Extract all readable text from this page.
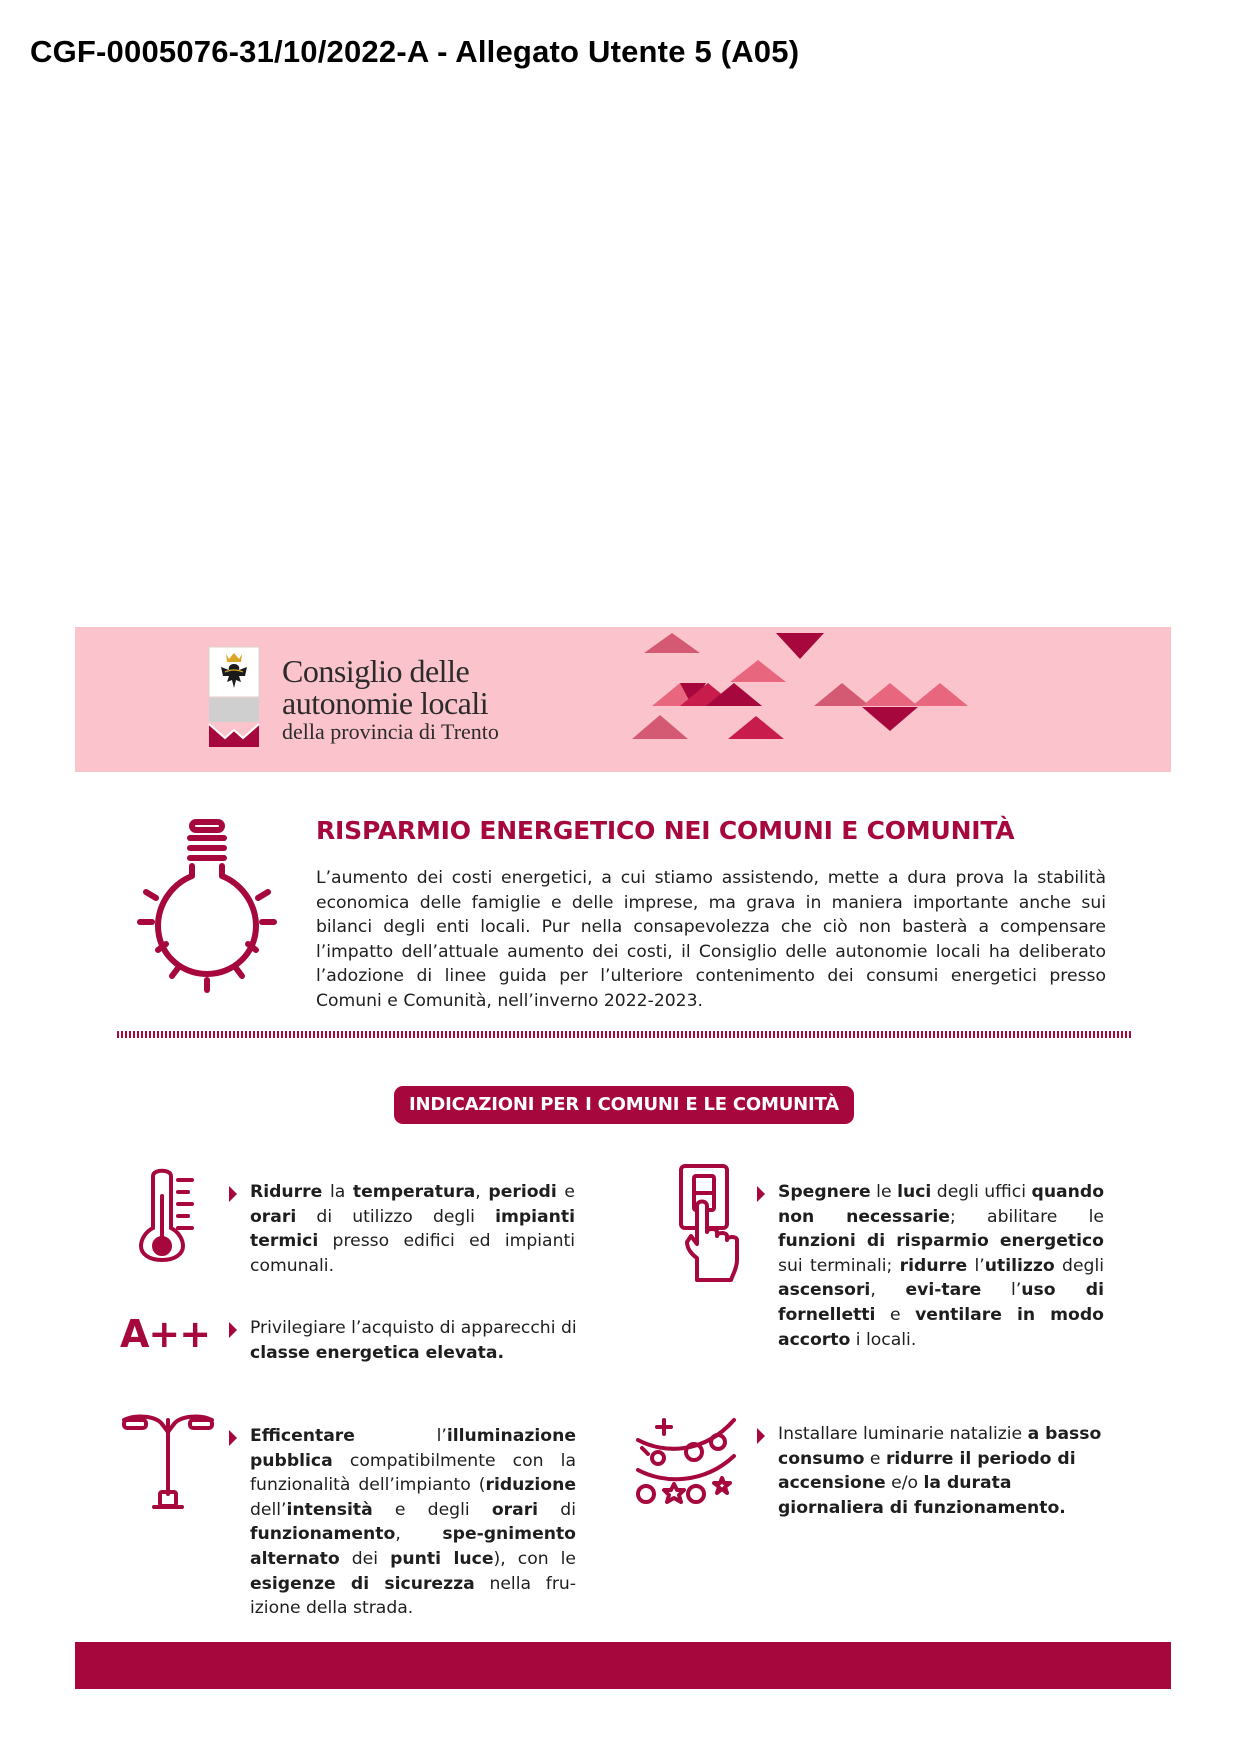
CGF-0005076-31/10/2022-A - Allegato Utente 5 (A05)
Consiglio delle
autonomie locali
della provincia di Trento
RISPARMIO ENERGETICO NEI COMUNI E COMUNITÀ
L’aumento dei costi energetici, a cui stiamo assistendo, mette a dura prova la stabilità economica delle famiglie e delle imprese, ma grava in maniera importante anche sui bilanci degli enti locali. Pur nella consapevolezza che ciò non basterà a compensare l’impatto dell’attuale aumento dei costi, il Consiglio delle autonomie locali ha deliberato l’adozione di linee guida per l’ulteriore contenimento dei consumi energetici presso Comuni e Comunità, nell’inverno 2022-2023.
INDICAZIONI PER I COMUNI E LE COMUNITÀ
Ridurre la temperatura, periodi e orari di utilizzo degli impianti termici presso edifici ed impianti comunali.
A++ Privilegiare l’acquisto di apparecchi di classe energetica elevata.
Efficentare l’illuminazione pubblica compatibilmente con la funzionalità dell’impianto (riduzione dell’intensità e degli orari di funzionamento, spe-gnimento alternato dei punti luce), con le esigenze di sicurezza nella fru-izione della strada.
Spegnere le luci degli uffici quando non necessarie; abilitare le funzioni di risparmio energetico sui terminali; ridurre l’utilizzo degli ascensori, evi-tare l’uso di fornelletti e ventilare in modo accorto i locali.
Installare luminarie natalizie a basso consumo e ridurre il periodo di accensione e/o la durata giornaliera di funzionamento.
